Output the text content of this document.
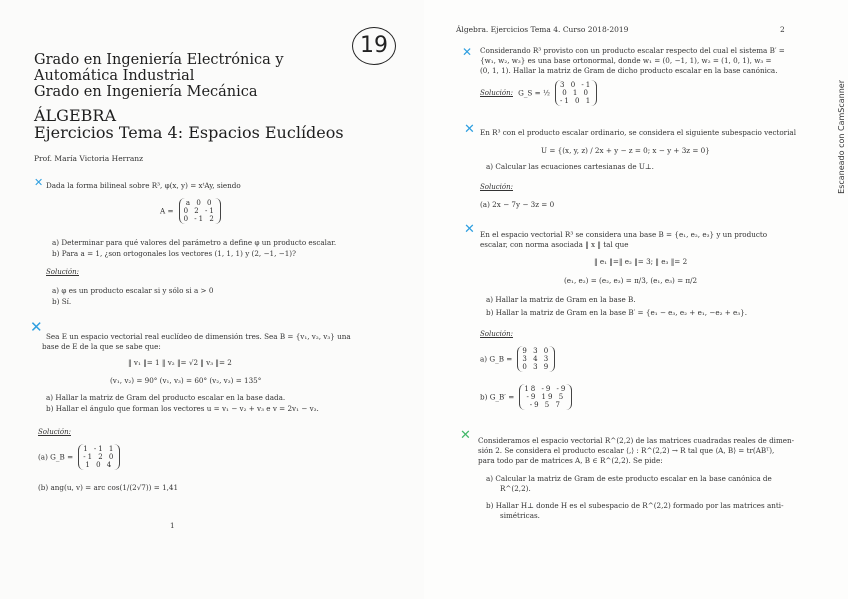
Grado en Ingeniería Electrónica y
Automática Industrial
Grado en Ingeniería Mecánica
ÁLGEBRA
Ejercicios Tema 4: Espacios Euclídeos
Prof. María Victoria Herranz
✕ Dada la forma bilineal sobre R³, φ(x, y) = xᵗAy, siendo
A =
a 0 0
0 2 -1
0 -1 2
a) Determinar para qué valores del parámetro a define φ un producto escalar.
b) Para a = 1, ¿son ortogonales los vectores (1, 1, 1) y (2, −1, −1)?
Solución:
a) φ es un producto escalar si y sólo si a > 0
b) Sí.
✕
Sea E un espacio vectorial real euclídeo de dimensión tres. Sea B = {v₁, v₂, v₃} una
base de E de la que se sabe que:
‖ v₁ ‖= 1 ‖ v₂ ‖= √2 ‖ v₃ ‖= 2
(v₁, v₂) = 90° (v₁, v₃) = 60° (v₂, v₃) = 135°
a) Hallar la matriz de Gram del producto escalar en la base dada.
b) Hallar el ángulo que forman los vectores u = v₁ − v₂ + v₃ e v = 2v₁ − v₃.
Solución:
(a) G_B =
1 -1 1
-1 2 0
1 0 4
(b) ang(u, v) = arc cos(1/(2√7)) = 1,41
1
19
Álgebra. Ejercicios Tema 4. Curso 2018-2019	2
✕ Considerando R³ provisto con un producto escalar respecto del cual el sistema B′ =
{w₁, w₂, w₃} es una base ortonormal, donde w₁ = (0, −1, 1), w₂ = (1, 0, 1), w₃ =
(0, 1, 1). Hallar la matriz de Gram de dicho producto escalar en la base canónica.
Solución: G_S = ½
3 0 -1
0 1 0
-1 0 1
✕ En R³ con el producto escalar ordinario, se considera el siguiente subespacio vectorial
U = {(x, y, z) / 2x + y − z = 0; x − y + 3z = 0}
a) Calcular las ecuaciones cartesianas de U⊥.
Solución:
(a) 2x − 7y − 3z = 0
✕ En el espacio vectorial R³ se considera una base B = {e₁, e₂, e₃} y un producto
escalar, con norma asociada ‖ x ‖ tal que
‖ e₁ ‖=‖ e₂ ‖= 3; ‖ e₃ ‖= 2
(e₁, e₂) = (e₂, e₃) = π/3, (e₁, e₃) = π/2
a) Hallar la matriz de Gram en la base B.
b) Hallar la matriz de Gram en la base B′ = {e₁ − e₃, e₂ + e₁, −e₂ + e₃}.
Solución:
a) G_B =
9 3 0
3 4 3
0 3 9
b) G_B′ =
18 -9 -9
-9 19 5
-9 5 7
✕ Consideramos el espacio vectorial R^(2,2) de las matrices cuadradas reales de dimen-
sión 2. Se considera el producto escalar ⟨,⟩ : R^(2,2) → R tal que ⟨A, B⟩ = tr(ABᵀ),
para todo par de matrices A, B ∈ R^(2,2). Se pide:
a) Calcular la matriz de Gram de este producto escalar en la base canónica de
R^(2,2).
b) Hallar H⊥ donde H es el subespacio de R^(2,2) formado por las matrices anti-
simétricas.
Escaneado con CamScanner
